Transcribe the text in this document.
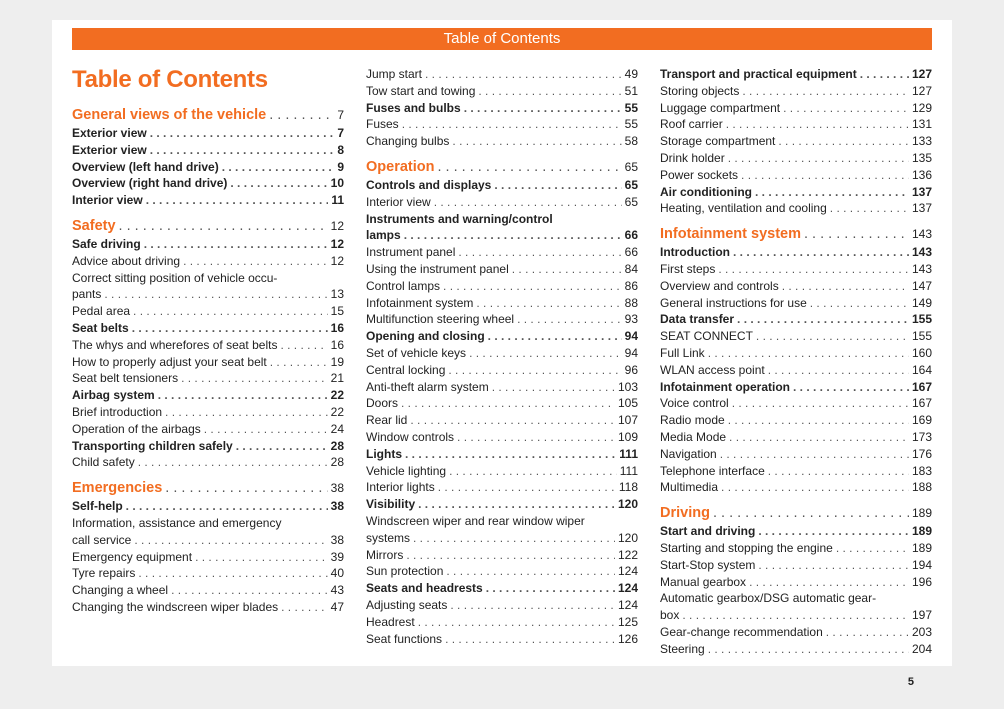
Table of Contents
Table of Contents
General views of the vehicle . . .	7
Exterior view . . .	7
Exterior view . . .	8
Overview (left hand drive) . . .	9
Overview (right hand drive) . . .	10
Interior view . . .	11
Safety . . .	12
Safe driving . . .	12
Advice about driving . . .	12
Correct sitting position of vehicle occu-
pants . . .	13
Pedal area . . .	15
Seat belts . . .	16
The whys and wherefores of seat belts . . .	16
How to properly adjust your seat belt . . .	19
Seat belt tensioners . . .	21
Airbag system . . .	22
Brief introduction . . .	22
Operation of the airbags . . .	24
Transporting children safely . . .	28
Child safety . . .	28
Emergencies . . .	38
Self-help . . .	38
Information, assistance and emergency
call service . . .	38
Emergency equipment . . .	39
Tyre repairs . . .	40
Changing a wheel . . .	43
Changing the windscreen wiper blades . . .	47
Jump start . . .	49
Tow start and towing . . .	51
Fuses and bulbs . . .	55
Fuses . . .	55
Changing bulbs . . .	58
Operation . . .	65
Controls and displays . . .	65
Interior view . . .	65
Instruments and warning/control
lamps . . .	66
Instrument panel . . .	66
Using the instrument panel . . .	84
Control lamps . . .	86
Infotainment system . . .	88
Multifunction steering wheel . . .	93
Opening and closing . . .	94
Set of vehicle keys . . .	94
Central locking . . .	96
Anti-theft alarm system . . .	103
Doors . . .	105
Rear lid . . .	107
Window controls . . .	109
Lights . . .	111
Vehicle lighting . . .	111
Interior lights . . .	118
Visibility . . .	120
Windscreen wiper and rear window wiper
systems . . .	120
Mirrors . . .	122
Sun protection . . .	124
Seats and headrests . . .	124
Adjusting seats . . .	124
Headrest . . .	125
Seat functions . . .	126
Transport and practical equipment . . .	127
Storing objects . . .	127
Luggage compartment . . .	129
Roof carrier . . .	131
Storage compartment . . .	133
Drink holder . . .	135
Power sockets . . .	136
Air conditioning . . .	137
Heating, ventilation and cooling . . .	137
Infotainment system . . .	143
Introduction . . .	143
First steps . . .	143
Overview and controls . . .	147
General instructions for use . . .	149
Data transfer . . .	155
SEAT CONNECT . . .	155
Full Link . . .	160
WLAN access point . . .	164
Infotainment operation . . .	167
Voice control . . .	167
Radio mode . . .	169
Media Mode . . .	173
Navigation . . .	176
Telephone interface . . .	183
Multimedia . . .	188
Driving . . .	189
Start and driving . . .	189
Starting and stopping the engine . . .	189
Start-Stop system . . .	194
Manual gearbox . . .	196
Automatic gearbox/DSG automatic gear-
box . . .	197
Gear-change recommendation . . .	203
Steering . . .	204
5
